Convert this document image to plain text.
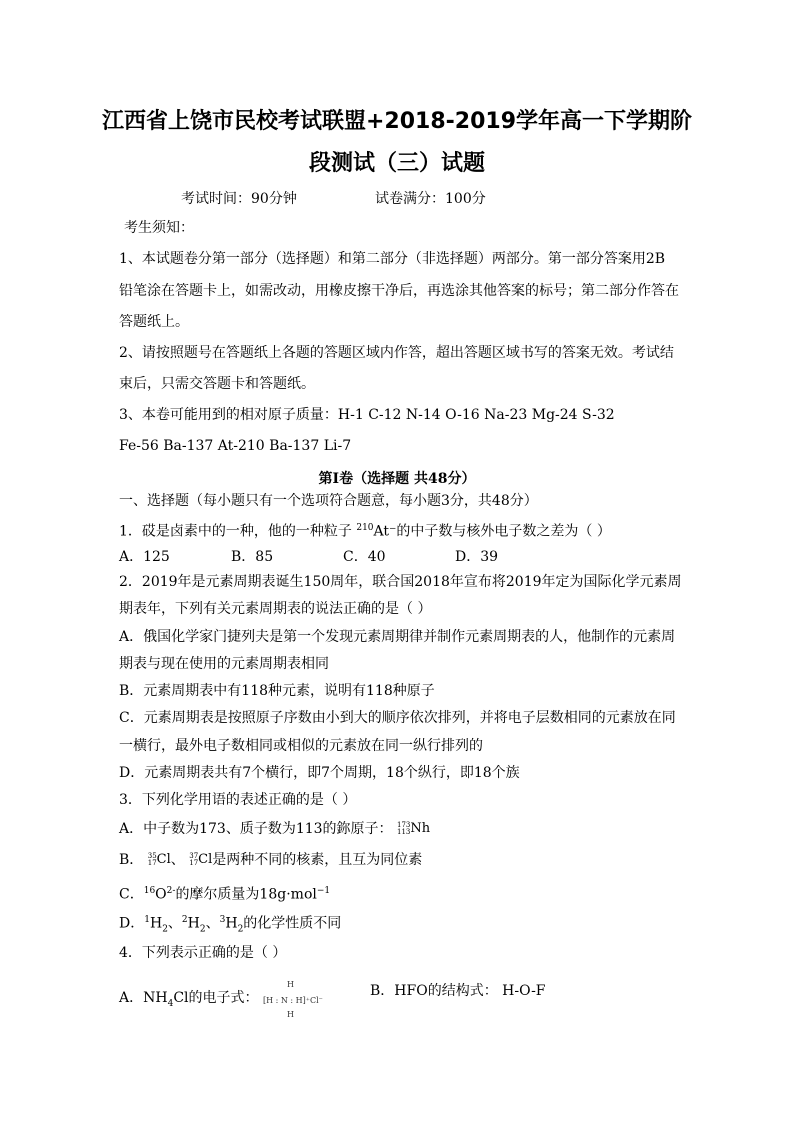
江西省上饶市民校考试联盟+2018-2019学年高一下学期阶
段测试（三）试题
考试时间：90分钟	试卷满分：100分
考生须知：
1、本试题卷分第一部分（选择题）和第二部分（非选择题）两部分。第一部分答案用2B
铅笔涂在答题卡上，如需改动，用橡皮擦干净后，再选涂其他答案的标号；第二部分作答在
答题纸上。
2、请按照题号在答题纸上各题的答题区域内作答，超出答题区域书写的答案无效。考试结
束后，只需交答题卡和答题纸。
3、本卷可能用到的相对原子质量：H-1 C-12 N-14 O-16 Na-23 Mg-24 S-32
Fe-56 Ba-137 At-210 Ba-137 Li-7
第Ⅰ卷（选择题 共48分）
一、选择题（每小题只有一个选项符合题意，每小题3分，共48分）
1．砹是卤素中的一种，他的一种粒子 $^{210}$At⁻的中子数与核外电子数之差为（ ）
A．125	B．85	C．40	D．39
2．2019年是元素周期表诞生150周年，联合国2018年宣布将2019年定为国际化学元素周
期表年，下列有关元素周期表的说法正确的是（ ）
A．俄国化学家门捷列夫是第一个发现元素周期律并制作元素周期表的人，他制作的元素周
期表与现在使用的元素周期表相同
B．元素周期表中有118种元素，说明有118种原子
C．元素周期表是按照原子序数由小到大的顺序依次排列，并将电子层数相同的元素放在同
一横行，最外电子数相同或相似的元素放在同一纵行排列的
D．元素周期表共有7个横行，即7个周期，18个纵行，即18个族
3．下列化学用语的表述正确的是（ ）
A．中子数为173、质子数为113的鉨原子： 173
113 Nh
B． 35
17 Cl、 37
17 Cl是两种不同的核素，且互为同位素
C．$^{16}O^{2-}$的摩尔质量为18g·mol$^{-1}$
D．$^1H_2$、$^2H_2$、$^3H_2$的化学性质不同
4．下列表示正确的是（ ）
A．$NH_4Cl$的电子式：
H
[H : N : H]⁺Cl⁻
H
B．HFO的结构式： H-O-F
